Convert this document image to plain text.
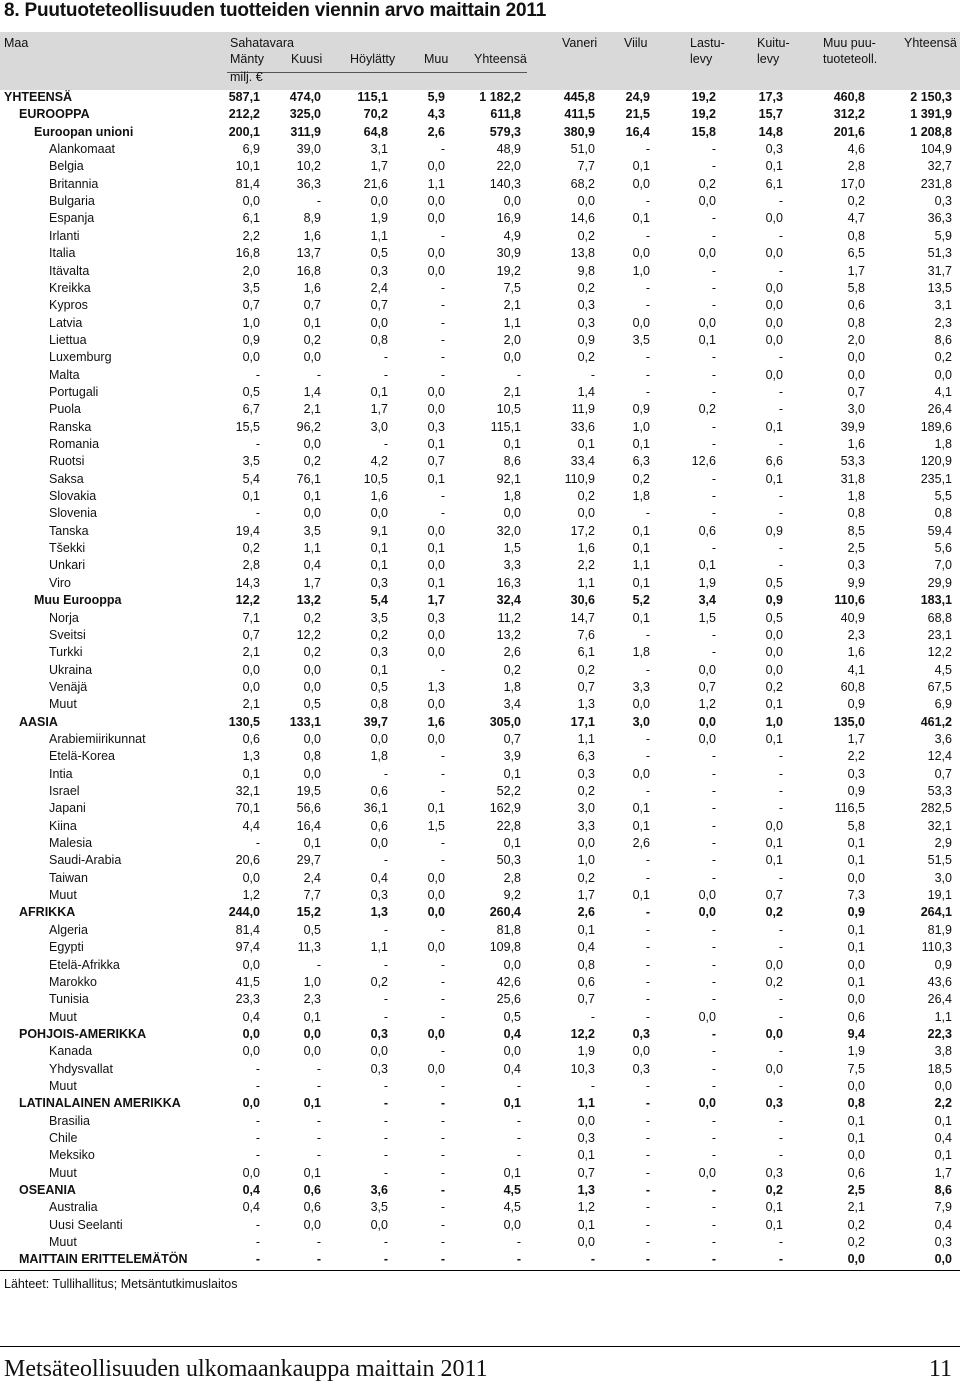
8. Puutuoteteollisuuden tuotteiden viennin arvo maittain 2011
Maa	Sahatavara
Mänty Kuusi Höylätty Muu Yhteensä
milj. €
Vaneri Viilu	Lastu-
levy
Kuitu-
levy
Muu puu-
tuoteteoll.
Yhteensä
YHTEENSÄ	587,1 474,0	115,1	5,9	1 182,2	445,8 24,9	19,2	17,3	460,8	2 150,3
EUROOPPA	212,2 325,0	70,2	4,3	611,8	411,5 21,5	19,2	15,7	312,2	1 391,9
Euroopan unioni	200,1 311,9	64,8	2,6	579,3	380,9 16,4	15,8	14,8	201,6	1 208,8
Alankomaat	6,9	39,0	3,1	-	48,9	51,0	-	-	0,3	4,6	104,9
Belgia	10,1	10,2	1,7	0,0	22,0	7,7	0,1	-	0,1	2,8	32,7
Britannia	81,4	36,3	21,6	1,1	140,3	68,2	0,0	0,2	6,1	17,0	231,8
Bulgaria	0,0	-	0,0	0,0	0,0	0,0	-	0,0	-	0,2	0,3
Espanja	6,1	8,9	1,9	0,0	16,9	14,6	0,1	-	0,0	4,7	36,3
Irlanti	2,2	1,6	1,1	-	4,9	0,2	-	-	-	0,8	5,9
Italia	16,8	13,7	0,5	0,0	30,9	13,8	0,0	0,0	0,0	6,5	51,3
Itävalta	2,0	16,8	0,3	0,0	19,2	9,8	1,0	-	-	1,7	31,7
Kreikka	3,5	1,6	2,4	-	7,5	0,2	-	-	0,0	5,8	13,5
Kypros	0,7	0,7	0,7	-	2,1	0,3	-	-	0,0	0,6	3,1
Latvia	1,0	0,1	0,0	-	1,1	0,3	0,0	0,0	0,0	0,8	2,3
Liettua	0,9	0,2	0,8	-	2,0	0,9	3,5	0,1	0,0	2,0	8,6
Luxemburg	0,0	0,0	-	-	0,0	0,2	-	-	-	0,0	0,2
Malta	-	-	-	-	-	-	-	-	0,0	0,0	0,0
Portugali	0,5	1,4	0,1	0,0	2,1	1,4	-	-	-	0,7	4,1
Puola	6,7	2,1	1,7	0,0	10,5	11,9	0,9	0,2	-	3,0	26,4
Ranska	15,5	96,2	3,0	0,3	115,1	33,6	1,0	-	0,1	39,9	189,6
Romania	-	0,0	-	0,1	0,1	0,1	0,1	-	-	1,6	1,8
Ruotsi	3,5	0,2	4,2	0,7	8,6	33,4	6,3	12,6	6,6	53,3	120,9
Saksa	5,4	76,1	10,5	0,1	92,1	110,9	0,2	-	0,1	31,8	235,1
Slovakia	0,1	0,1	1,6	-	1,8	0,2	1,8	-	-	1,8	5,5
Slovenia	-	0,0	0,0	-	0,0	0,0	-	-	-	0,8	0,8
Tanska	19,4	3,5	9,1	0,0	32,0	17,2	0,1	0,6	0,9	8,5	59,4
Tšekki	0,2	1,1	0,1	0,1	1,5	1,6	0,1	-	-	2,5	5,6
Unkari	2,8	0,4	0,1	0,0	3,3	2,2	1,1	0,1	-	0,3	7,0
Viro	14,3	1,7	0,3	0,1	16,3	1,1	0,1	1,9	0,5	9,9	29,9
Muu Eurooppa	12,2	13,2	5,4	1,7	32,4	30,6	5,2	3,4	0,9	110,6	183,1
Norja	7,1	0,2	3,5	0,3	11,2	14,7	0,1	1,5	0,5	40,9	68,8
Sveitsi	0,7	12,2	0,2	0,0	13,2	7,6	-	-	0,0	2,3	23,1
Turkki	2,1	0,2	0,3	0,0	2,6	6,1	1,8	-	0,0	1,6	12,2
Ukraina	0,0	0,0	0,1	-	0,2	0,2	-	0,0	0,0	4,1	4,5
Venäjä	0,0	0,0	0,5	1,3	1,8	0,7	3,3	0,7	0,2	60,8	67,5
Muut	2,1	0,5	0,8	0,0	3,4	1,3	0,0	1,2	0,1	0,9	6,9
AASIA	130,5 133,1	39,7	1,6	305,0	17,1	3,0	0,0	1,0	135,0	461,2
Arabiemiirikunnat	0,6	0,0	0,0	0,0	0,7	1,1	-	0,0	0,1	1,7	3,6
Etelä-Korea	1,3	0,8	1,8	-	3,9	6,3	-	-	-	2,2	12,4
Intia	0,1	0,0	-	-	0,1	0,3	0,0	-	-	0,3	0,7
Israel	32,1	19,5	0,6	-	52,2	0,2	-	-	-	0,9	53,3
Japani	70,1	56,6	36,1	0,1	162,9	3,0	0,1	-	-	116,5	282,5
Kiina	4,4	16,4	0,6	1,5	22,8	3,3	0,1	-	0,0	5,8	32,1
Malesia	-	0,1	0,0	-	0,1	0,0	2,6	-	0,1	0,1	2,9
Saudi-Arabia	20,6	29,7	-	-	50,3	1,0	-	-	0,1	0,1	51,5
Taiwan	0,0	2,4	0,4	0,0	2,8	0,2	-	-	-	0,0	3,0
Muut	1,2	7,7	0,3	0,0	9,2	1,7	0,1	0,0	0,7	7,3	19,1
AFRIKKA	244,0	15,2	1,3	0,0	260,4	2,6	-	0,0	0,2	0,9	264,1
Algeria	81,4	0,5	-	-	81,8	0,1	-	-	-	0,1	81,9
Egypti	97,4	11,3	1,1	0,0	109,8	0,4	-	-	-	0,1	110,3
Etelä-Afrikka	0,0	-	-	-	0,0	0,8	-	-	0,0	0,0	0,9
Marokko	41,5	1,0	0,2	-	42,6	0,6	-	-	0,2	0,1	43,6
Tunisia	23,3	2,3	-	-	25,6	0,7	-	-	-	0,0	26,4
Muut	0,4	0,1	-	-	0,5	-	-	0,0	-	0,6	1,1
POHJOIS-AMERIKKA	0,0	0,0	0,3	0,0	0,4	12,2	0,3	-	0,0	9,4	22,3
Kanada	0,0	0,0	0,0	-	0,0	1,9	0,0	-	-	1,9	3,8
Yhdysvallat	-	-	0,3	0,0	0,4	10,3	0,3	-	0,0	7,5	18,5
Muut	-	-	-	-	-	-	-	-	-	0,0	0,0
LATINALAINEN AMERIKKA	0,0	0,1	-	-	0,1	1,1	-	0,0	0,3	0,8	2,2
Brasilia	-	-	-	-	-	0,0	-	-	-	0,1	0,1
Chile	-	-	-	-	-	0,3	-	-	-	0,1	0,4
Meksiko	-	-	-	-	-	0,1	-	-	-	0,0	0,1
Muut	0,0	0,1	-	-	0,1	0,7	-	0,0	0,3	0,6	1,7
OSEANIA	0,4	0,6	3,6	-	4,5	1,3	-	-	0,2	2,5	8,6
Australia	0,4	0,6	3,5	-	4,5	1,2	-	-	0,1	2,1	7,9
Uusi Seelanti	-	0,0	0,0	-	0,0	0,1	-	-	0,1	0,2	0,4
Muut	-	-	-	-	-	0,0	-	-	-	0,2	0,3
MAITTAIN ERITTELEMÄTÖN	-	-	-	-	-	-	-	-	-	0,0	0,0
Lähteet: Tullihallitus; Metsäntutkimuslaitos
Metsäteollisuuden ulkomaankauppa maittain 2011	11
